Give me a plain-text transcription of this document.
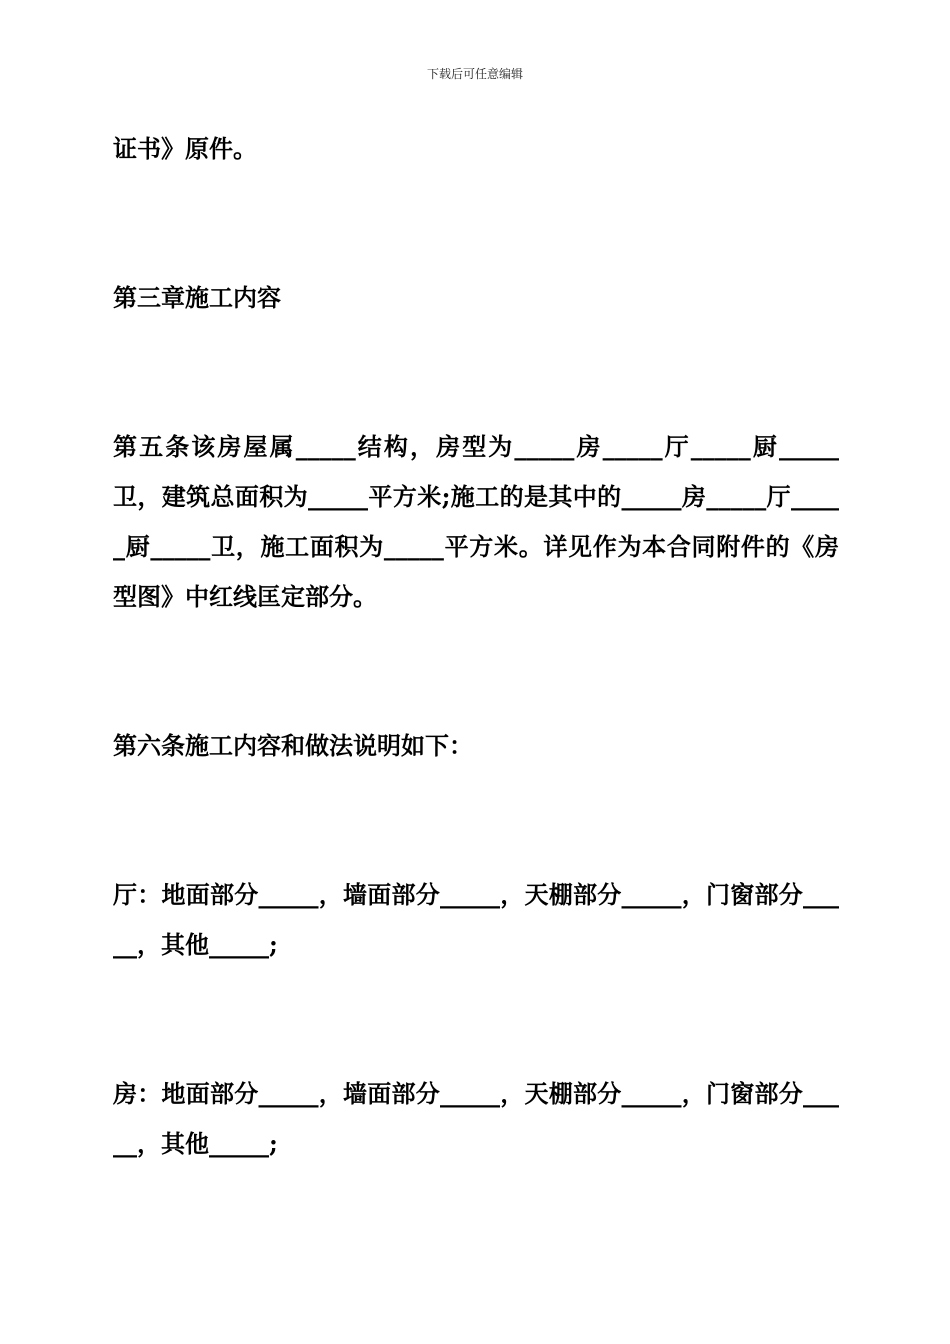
下载后可任意编辑

证书》原件。

第三章施工内容

第五条该房屋属_____结构，房型为_____房_____厅_____厨_____卫，建筑总面积为_____平方米;施工的是其中的_____房_____厅_____厨_____卫，施工面积为_____平方米。详见作为本合同附件的《房型图》中红线匡定部分。

第六条施工内容和做法说明如下：

厅：地面部分_____，墙面部分_____，天棚部分_____，门窗部分_____，其他_____;

房：地面部分_____，墙面部分_____，天棚部分_____，门窗部分_____，其他_____;
